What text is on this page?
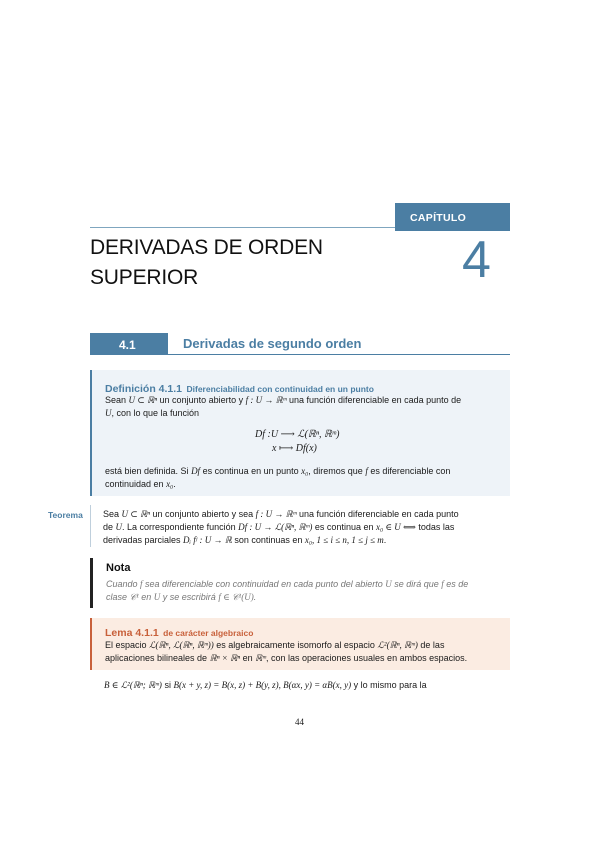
CAPÍTULO
DERIVADAS DE ORDEN
SUPERIOR	4
4.1	Derivadas de segundo orden
Definición 4.1.1 Diferenciabilidad con continuidad en un punto
Sean U ⊂ ℝⁿ un conjunto abierto y f : U → ℝᵐ una función diferenciable en cada punto de
U, con lo que la función
Df :U ⟶ ℒ(ℝⁿ, ℝᵐ)
x ⟼ Df(x)
está bien definida. Si Df es continua en un punto x₀, diremos que f es diferenciable con
continuidad en x₀.
Teorema Sea U ⊂ ℝⁿ un conjunto abierto y sea f : U → ℝᵐ una función diferenciable en cada punto
de U. La correspondiente función Df : U → ℒ(ℝⁿ, ℝᵐ) es continua en x₀ ∈ U ⟺ todas las
derivadas parciales Dᵢ fʲ : U → ℝ son continuas en x₀, 1 ≤ i ≤ n, 1 ≤ j ≤ m.
Nota
Cuando f sea diferenciable con continuidad en cada punto del abierto U se dirá que f es de
clase 𝒞¹ en U y se escribirá f ∈ 𝒞¹(U).
Lema 4.1.1 de carácter algebraico
El espacio ℒ(ℝⁿ, ℒ(ℝⁿ, ℝᵐ)) es algebraicamente isomorfo al espacio ℒ²(ℝⁿ, ℝᵐ) de las
aplicaciones bilineales de ℝⁿ × ℝⁿ en ℝᵐ, con las operaciones usuales en ambos espacios.
B ∈ ℒ²(ℝⁿ; ℝᵐ) si B(x + y, z) = B(x, z) + B(y, z), B(αx, y) = αB(x, y) y lo mismo para la
44
